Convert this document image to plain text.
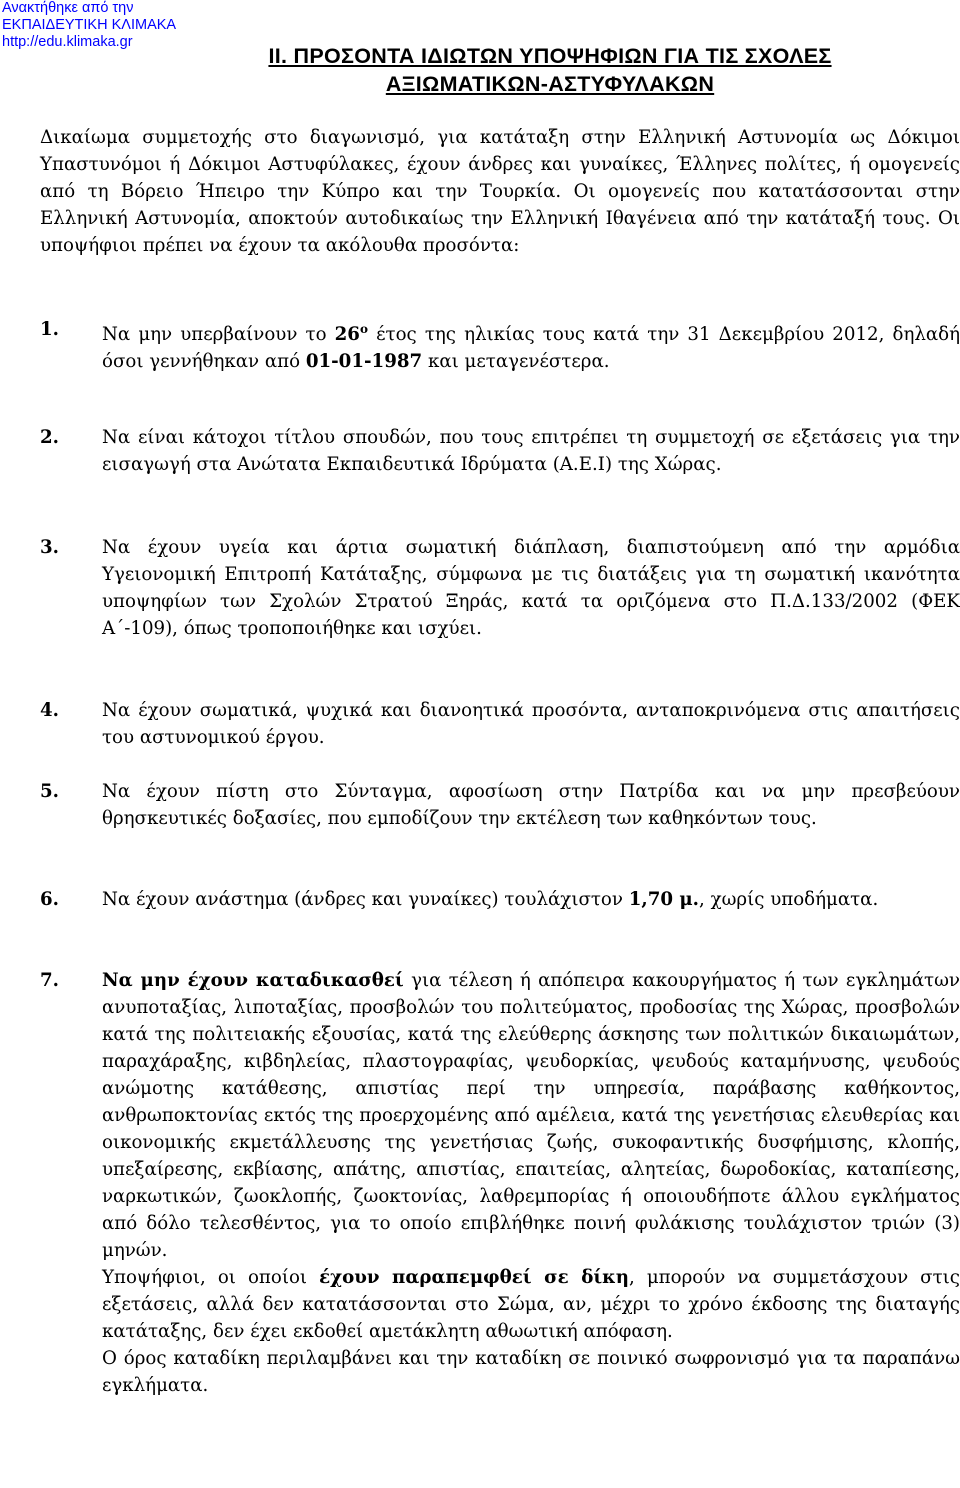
Ανακτήθηκε από την
ΕΚΠΑΙΔΕΥΤΙΚΗ ΚΛΙΜΑΚΑ
http://edu.klimaka.gr
ΙΙ. ΠΡΟΣΟΝΤΑ ΙΔΙΩΤΩΝ ΥΠΟΨΗΦΙΩΝ ΓΙΑ ΤΙΣ ΣΧΟΛΕΣ
ΑΞΙΩΜΑΤΙΚΩΝ-ΑΣΤΥΦΥΛΑΚΩΝ
Δικαίωμα συμμετοχής στο διαγωνισμό, για κατάταξη στην Ελληνική Αστυνομία ως Δόκιμοι Υπαστυνόμοι ή Δόκιμοι Αστυφύλακες, έχουν άνδρες και γυναίκες, Έλληνες πολίτες, ή ομογενείς από τη Βόρειο Ήπειρο την Κύπρο και την Τουρκία. Οι ομογενείς που κατατάσσονται στην Ελληνική Αστυνομία, αποκτούν αυτοδικαίως την Ελληνική Ιθαγένεια από την κατάταξή τους. Οι υποψήφιοι πρέπει να έχουν τα ακόλουθα προσόντα:
1. Να μην υπερβαίνουν το $26^o$ έτος της ηλικίας τους κατά την 31 Δεκεμβρίου 2012, δηλαδή όσοι γεννήθηκαν από 01-01-1987 και μεταγενέστερα.
2. Να είναι κάτοχοι τίτλου σπουδών, που τους επιτρέπει τη συμμετοχή σε εξετάσεις για την εισαγωγή στα Ανώτατα Εκπαιδευτικά Ιδρύματα (Α.Ε.Ι) της Χώρας.
3. Να έχουν υγεία και άρτια σωματική διάπλαση, διαπιστούμενη από την αρμόδια Υγειονομική Επιτροπή Κατάταξης, σύμφωνα με τις διατάξεις για τη σωματική ικανότητα υποψηφίων των Σχολών Στρατού Ξηράς, κατά τα οριζόμενα στο Π.Δ.133/2002 (ΦΕΚ Α΄-109), όπως τροποποιήθηκε και ισχύει.
4. Να έχουν σωματικά, ψυχικά και διανοητικά προσόντα, ανταποκρινόμενα στις απαιτήσεις του αστυνομικού έργου.
5. Να έχουν πίστη στο Σύνταγμα, αφοσίωση στην Πατρίδα και να μην πρεσβεύουν θρησκευτικές δοξασίες, που εμποδίζουν την εκτέλεση των καθηκόντων τους.
6. Να έχουν ανάστημα (άνδρες και γυναίκες) τουλάχιστον 1,70 μ., χωρίς υποδήματα.
7. Να μην έχουν καταδικασθεί για τέλεση ή απόπειρα κακουργήματος ή των εγκλημάτων ανυποταξίας, λιποταξίας, προσβολών του πολιτεύματος, προδοσίας της Χώρας, προσβολών κατά της πολιτειακής εξουσίας, κατά της ελεύθερης άσκησης των πολιτικών δικαιωμάτων, παραχάραξης, κιβδηλείας, πλαστογραφίας, ψευδορκίας, ψευδούς καταμήνυσης, ψευδούς ανώμοτης κατάθεσης, απιστίας περί την υπηρεσία, παράβασης καθήκοντος, ανθρωποκτονίας εκτός της προερχομένης από αμέλεια, κατά της γενετήσιας ελευθερίας και οικονομικής εκμετάλλευσης της γενετήσιας ζωής, συκοφαντικής δυσφήμισης, κλοπής, υπεξαίρεσης, εκβίασης, απάτης, απιστίας, επαιτείας, αλητείας, δωροδοκίας, καταπίεσης, ναρκωτικών, ζωοκλοπής, ζωοκτονίας, λαθρεμπορίας ή οποιουδήποτε άλλου εγκλήματος από δόλο τελεσθέντος, για το οποίο επιβλήθηκε ποινή φυλάκισης τουλάχιστον τριών (3) μηνών.
Υποψήφιοι, οι οποίοι έχουν παραπεμφθεί σε δίκη, μπορούν να συμμετάσχουν στις εξετάσεις, αλλά δεν κατατάσσονται στο Σώμα, αν, μέχρι το χρόνο έκδοσης της διαταγής κατάταξης, δεν έχει εκδοθεί αμετάκλητη αθωωτική απόφαση.
Ο όρος καταδίκη περιλαμβάνει και την καταδίκη σε ποινικό σωφρονισμό για τα παραπάνω εγκλήματα.
